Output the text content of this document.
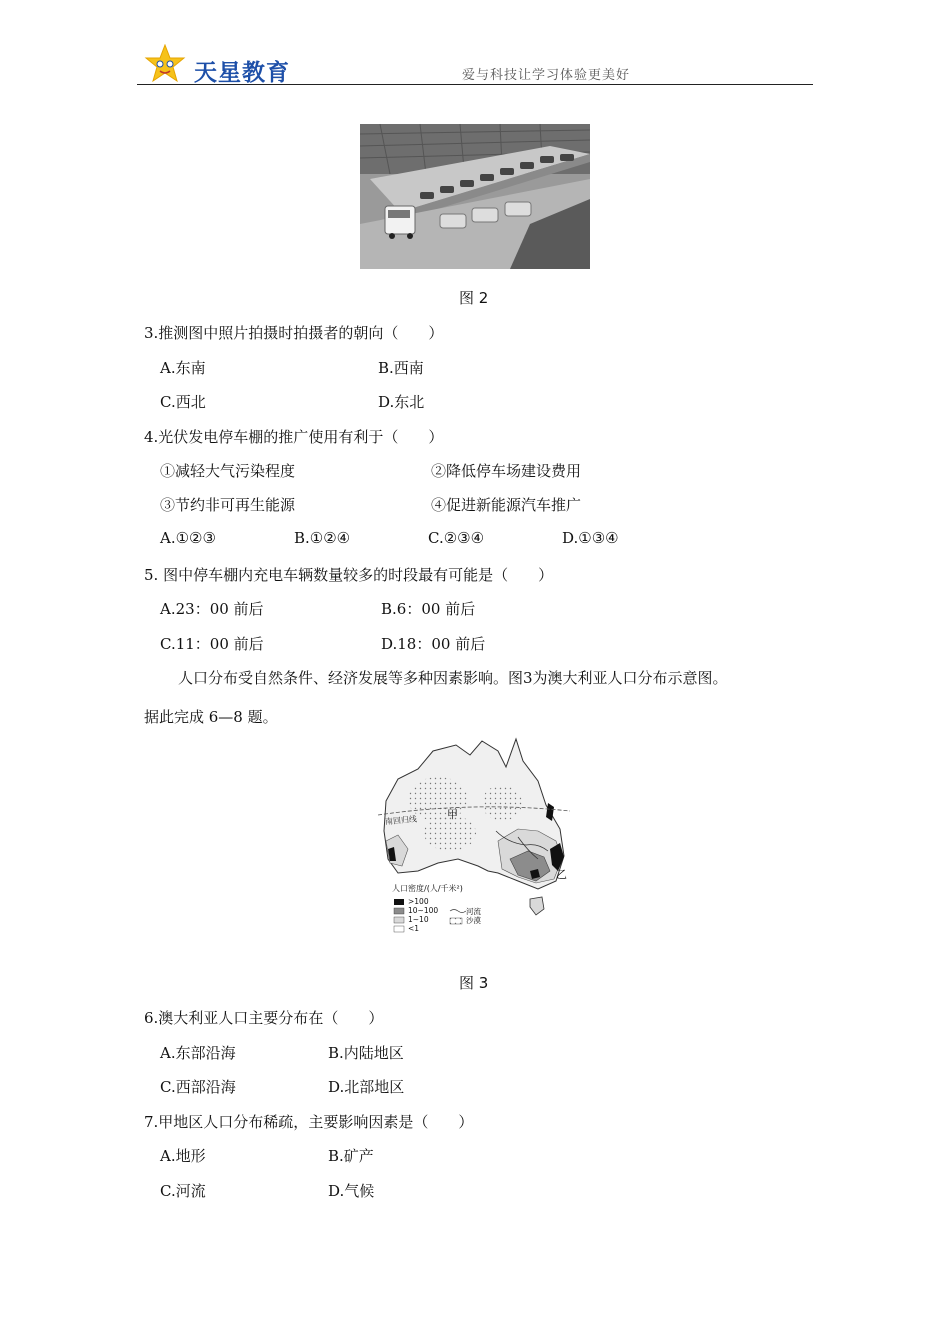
天星教育	爱与科技让学习体验更美好
图 2
3.推测图中照片拍摄时拍摄者的朝向（　　）
A.东南	B.西南
C.西北	D.东北
4.光伏发电停车棚的推广使用有利于（　　）
①减轻大气污染程度	②降低停车场建设费用
③节约非可再生能源	④促进新能源汽车推广
A.①②③	B.①②④	C.②③④	D.①③④
5. 图中停车棚内充电车辆数量较多的时段最有可能是（　　）
A.23：00 前后	B.6：00 前后
C.11：00 前后	D.18：00 前后
人口分布受自然条件、经济发展等多种因素影响。图3为澳大利亚人口分布示意图。
据此完成 6—8 题。
南回归线	甲
乙
人口密度/(人/千米²)
>100
10~100
1~10
<1
河流
沙漠
图 3
6.澳大利亚人口主要分布在（　　）
A.东部沿海	B.内陆地区
C.西部沿海	D.北部地区
7.甲地区人口分布稀疏，主要影响因素是（　　）
A.地形	B.矿产
C.河流	D.气候
